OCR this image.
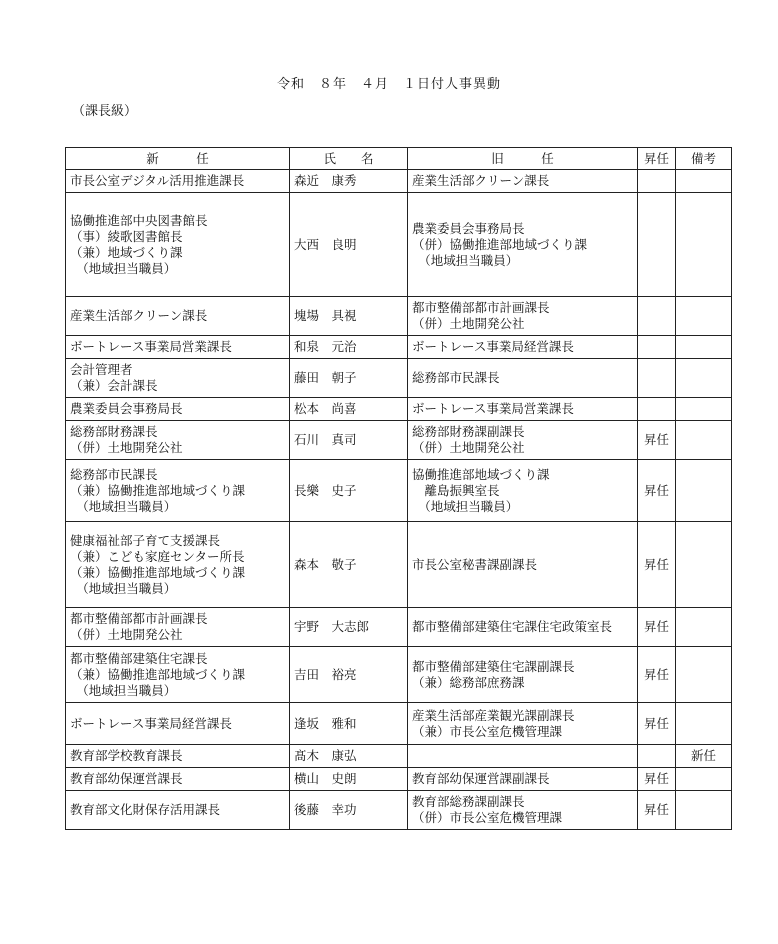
令和　８年　４月　１日付人事異動
（課長級）
新　　　任	氏　　名	旧　　　任	昇任	備考

市長公室デジタル活用推進課長	森近　康秀	産業生活部クリーン課長		

協働推進部中央図書館長
（事）綾歌図書館長
（兼）地域づくり課
　（地域担当職員）	大西　良明	農業委員会事務局長
（併）協働推進部地域づくり課
　（地域担当職員）		

産業生活部クリーン課長	塊場　具視	都市整備部都市計画課長
（併）土地開発公社		

ボートレース事業局営業課長	和泉　元治	ボートレース事業局経営課長		

会計管理者
（兼）会計課長	藤田　朝子	総務部市民課長		

農業委員会事務局長	松本　尚喜	ボートレース事業局営業課長		

総務部財務課長
（併）土地開発公社	石川　真司	総務部財務課副課長
（併）土地開発公社	昇任	

総務部市民課長
（兼）協働推進部地域づくり課
　（地域担当職員）	長樂　史子	協働推進部地域づくり課
　離島振興室長
　（地域担当職員）	昇任	

健康福祉部子育て支援課長
（兼）こども家庭センター所長
（兼）協働推進部地域づくり課
　（地域担当職員）	森本　敬子	市長公室秘書課副課長	昇任	

都市整備部都市計画課長
（併）土地開発公社	宇野　大志郎	都市整備部建築住宅課住宅政策室長	昇任	

都市整備部建築住宅課長
（兼）協働推進部地域づくり課
　（地域担当職員）	吉田　裕亮	都市整備部建築住宅課副課長
（兼）総務部庶務課	昇任	

ボートレース事業局経営課長	逢坂　雅和	産業生活部産業観光課副課長
（兼）市長公室危機管理課	昇任	

教育部学校教育課長	髙木　康弘			新任

教育部幼保運営課長	横山　史朗	教育部幼保運営課副課長	昇任	

教育部文化財保存活用課長	後藤　幸功	教育部総務課副課長
（併）市長公室危機管理課	昇任	
